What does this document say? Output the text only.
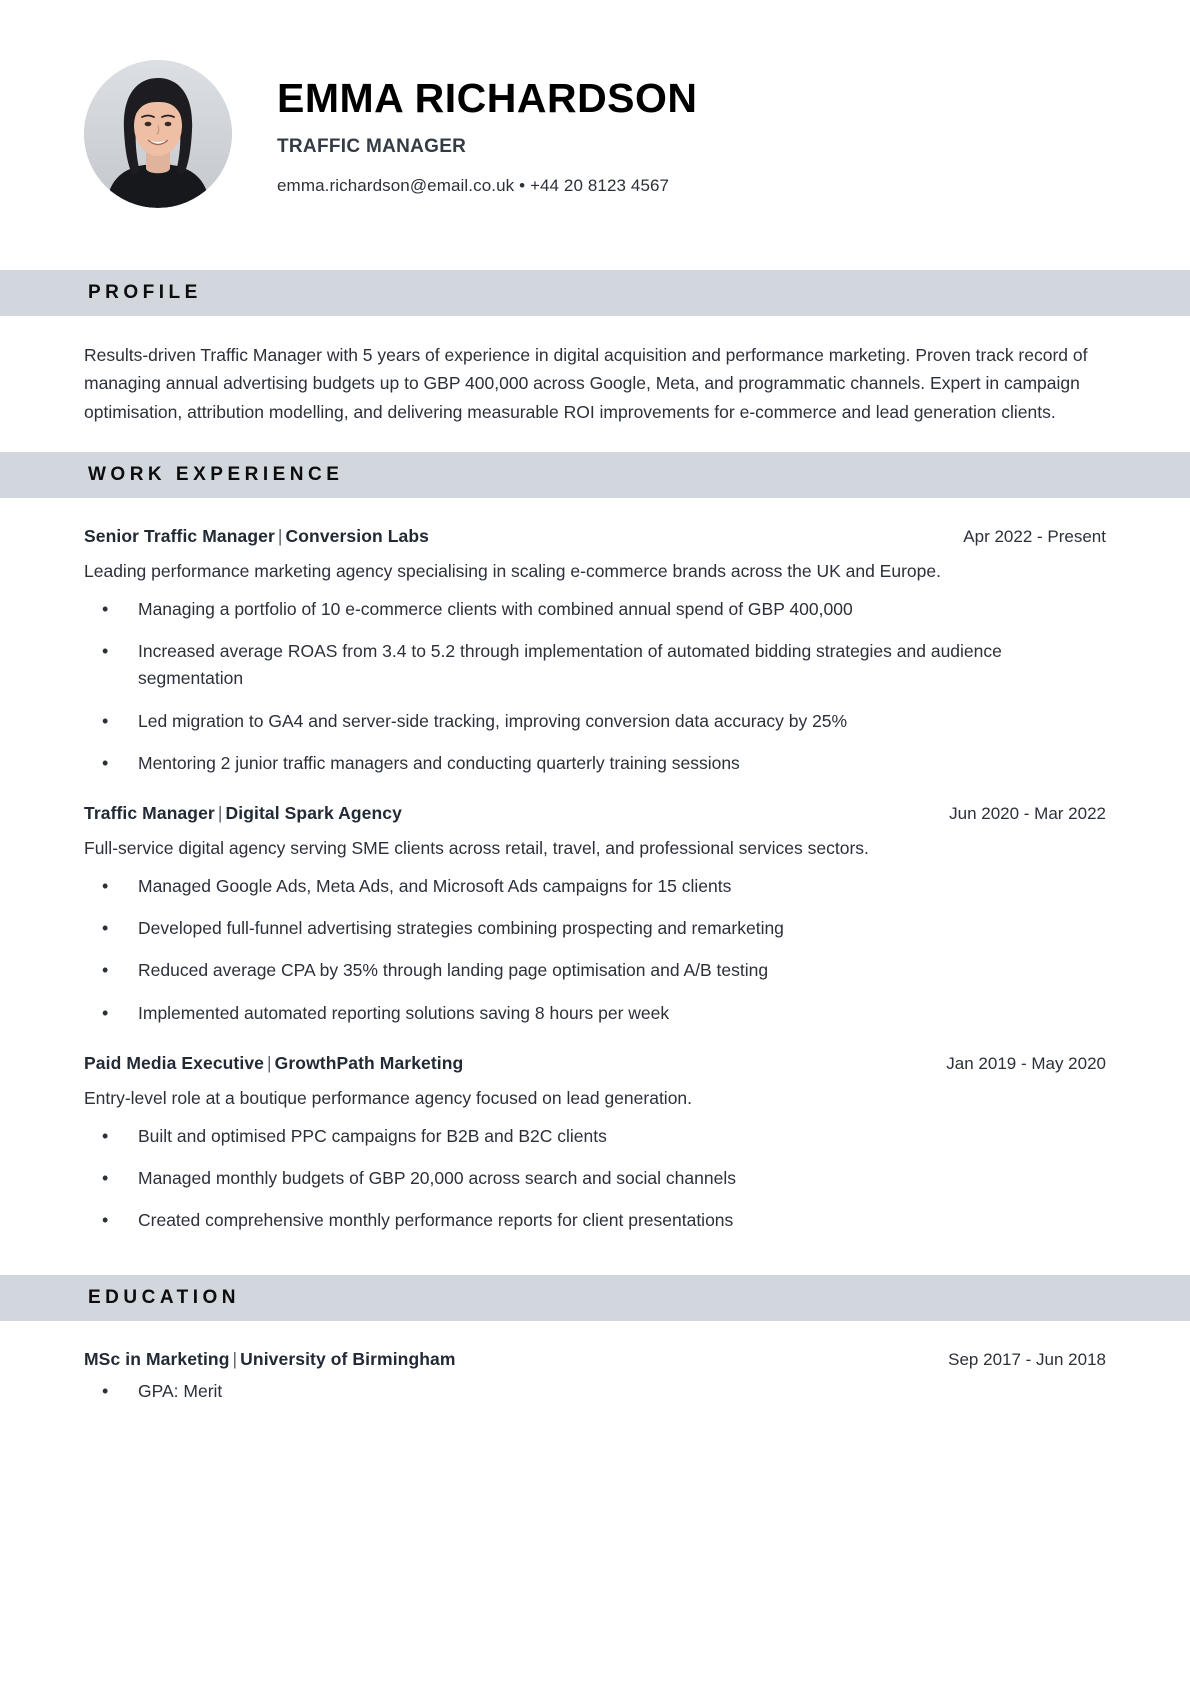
EMMA RICHARDSON
TRAFFIC MANAGER
emma.richardson@email.co.uk • +44 20 8123 4567
PROFILE

Results-driven Traffic Manager with 5 years of experience in digital acquisition and performance marketing. Proven track record of managing annual advertising budgets up to GBP 400,000 across Google, Meta, and programmatic channels. Expert in campaign optimisation, attribution modelling, and delivering measurable ROI improvements for e-commerce and lead generation clients.

WORK EXPERIENCE
Senior Traffic Manager | Conversion Labs	Apr 2022 - Present
Leading performance marketing agency specialising in scaling e-commerce brands across the UK and Europe.
• Managing a portfolio of 10 e-commerce clients with combined annual spend of GBP 400,000
• Increased average ROAS from 3.4 to 5.2 through implementation of automated bidding strategies and audience segmentation
• Led migration to GA4 and server-side tracking, improving conversion data accuracy by 25%
• Mentoring 2 junior traffic managers and conducting quarterly training sessions
Traffic Manager | Digital Spark Agency	Jun 2020 - Mar 2022
Full-service digital agency serving SME clients across retail, travel, and professional services sectors.
• Managed Google Ads, Meta Ads, and Microsoft Ads campaigns for 15 clients
• Developed full-funnel advertising strategies combining prospecting and remarketing
• Reduced average CPA by 35% through landing page optimisation and A/B testing
• Implemented automated reporting solutions saving 8 hours per week
Paid Media Executive | GrowthPath Marketing	Jan 2019 - May 2020
Entry-level role at a boutique performance agency focused on lead generation.
• Built and optimised PPC campaigns for B2B and B2C clients
• Managed monthly budgets of GBP 20,000 across search and social channels
• Created comprehensive monthly performance reports for client presentations
EDUCATION
MSc in Marketing | University of Birmingham	Sep 2017 - Jun 2018
• GPA: Merit
